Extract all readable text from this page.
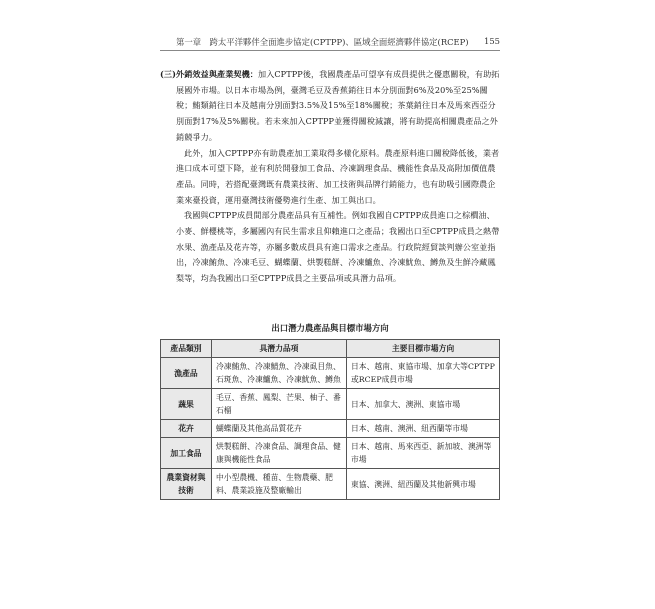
第一章　跨太平洋夥伴全面進步協定(CPTPP)、區域全面經濟夥伴協定(RCEP) 155

(三)外銷效益與產業契機：加入CPTPP後，我國農產品可望享有成員提供之優惠關稅，有助拓展國外市場。以日本市場為例，臺灣毛豆及香蕉銷往日本分別面對6%及20%至25%關稅；鮪類銷往日本及越南分別面對3.5%及15%至18%關稅；茶葉銷往日本及馬來西亞分別面對17%及5%關稅。若未來加入CPTPP並獲得關稅減讓，將有助提高相關農產品之外銷競爭力。

此外，加入CPTPP亦有助農產加工業取得多樣化原料。農產原料進口關稅降低後，業者進口成本可望下降，並有利於開發加工食品、冷凍調理食品、機能性食品及高附加價值農產品。同時，若搭配臺灣既有農業技術、加工技術與品牌行銷能力，也有助吸引國際農企業來臺投資，運用臺灣技術優勢進行生產、加工與出口。

我國與CPTPP成員間部分農產品具有互補性。例如我國自CPTPP成員進口之棕櫚油、小麥、鮮櫻桃等，多屬國內有民生需求且仰賴進口之產品；我國出口至CPTPP成員之熱帶水果、漁產品及花卉等，亦屬多數成員具有進口需求之產品。行政院經貿談判辦公室並指出，冷凍鮪魚、冷凍毛豆、蝴蝶蘭、烘製糕餅、冷凍鱸魚、冷凍魷魚、鱒魚及生鮮冷藏鳳梨等，均為我國出口至CPTPP成員之主要品項或具潛力品項。

出口潛力農產品與目標市場方向
產品類別	具潛力品項	主要目標市場方向
漁產品	冷凍鮪魚、冷凍鯖魚、冷凍虱目魚、石斑魚、冷凍鱸魚、冷凍魷魚、鱒魚	日本、越南、東協市場、加拿大等CPTPP或RCEP成員市場
蔬果	毛豆、香蕉、鳳梨、芒果、柚子、番石榴	日本、加拿大、澳洲、東協市場
花卉	蝴蝶蘭及其他高品質花卉	日本、越南、澳洲、紐西蘭等市場
加工食品	烘製糕餅、冷凍食品、調理食品、健康與機能性食品	日本、越南、馬來西亞、新加坡、澳洲等市場
農業資材與技術	中小型農機、種苗、生物農藥、肥料、農業設施及整廠輸出	東協、澳洲、紐西蘭及其他新興市場
